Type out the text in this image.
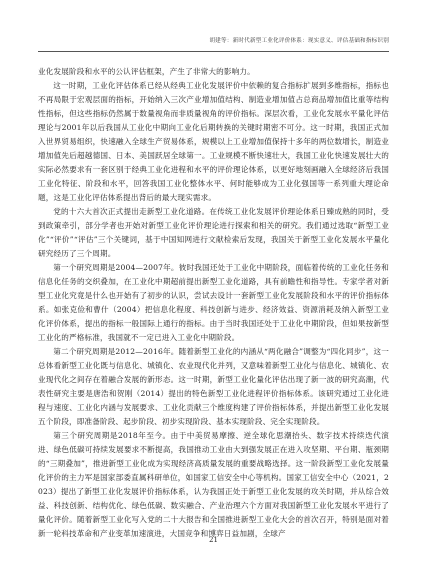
胡建等：新时代新型工业化评价体系：现实意义、评估基础和指标识别

业化发展阶段和水平的公认评估框架，产生了非常大的影响力。

这一时期，工业化评估体系已经从经典工业化发展评价中依赖的复合指标扩展到多维指标，指标也不再局限于宏观层面的指标，开始纳入三次产业增加值结构、制造业增加值占总商品增加值比重等结构性指标，但这些指标仍然属于数量视角而非质量视角的评价指标。深层次看，工业化发展水平量化评估理论与2001年以后我国从工业化中期向工业化后期转换的关键时期密不可分。这一时期，我国正式加入世界贸易组织，快速融入全球生产贸易体系，规模以上工业增加值保持十多年的两位数增长，制造业增加值先后超越德国、日本、美国跃居全球第一。工业规模不断快速壮大，我国工业化快速发展壮大的实际必然要求有一套区别于经典工业化进程和水平的评价理论体系，以更好地刻画融入全球经济后我国工业化特征、阶段和水平，回答我国工业化整体水平、何时能够成为工业化强国等一系列重大理论命题，这是工业化评估体系提出背后的最大现实需求。

党的十六大首次正式提出走新型工业化道路。在传统工业化发展评价理论体系日臻成熟的同时，受到政策牵引，部分学者也开始对新型工业化评价理论进行探索和相关的研究。我们通过选取“新型工业化”“评价”“评估”三个关键词，基于中国知网进行文献检索后发现，我国关于新型工业化发展水平量化研究经历了三个周期。

第一个研究周期是2004—2007年。彼时我国还处于工业化中期阶段，面临着传统的工业化任务和信息化任务的交织叠加，在工业化中期超前提出新型工业化道路，具有前瞻性和指导性。专家学者对新型工业化究竟是什么也开始有了初步的认识，尝试去设计一套新型工业化发展阶段和水平的评价指标体系。如张克俭和曹什（2004）把信息化程度、科技创新与进步、经济效益、资源消耗及纳入新型工业化评价体系，提出的指标一般国际上通行的指标。由于当时我国还处于工业化中期阶段，但如果按新型工业化的严格标准，我国就不一定已进入工业化中期阶段。

第二个研究周期是2012—2016年。随着新型工业化的内涵从“两化融合”调整为“四化同步”，这一总体看新型工业化既与信息化、城镇化、农业现代化并列，又意味着新型工业化与信息化、城镇化、农业现代化之间存在着融合发展的新形态。这一时期，新型工业化量化评估出现了新一波的研究高潮，代表性研究主要是唐浩和贺刚（2014）提出的特色新型工业化进程评价指标体系。该研究通过工业化进程与速度、工业化内涵与发展要求、工业化贡献三个维度构建了评价指标体系，并提出新型工业化发展五个阶段，即准备阶段、起步阶段、初步实现阶段、基本实现阶段、完全实现阶段。

第三个研究周期是2018年至今。由于中美贸易摩擦、逆全球化思潮抬头、数字技术持续迭代演进、绿色低碳可持续发展要求不断提高，我国推动工业由大到强发展正在进入攻坚期、平台期、瓶颈期的“三期叠加”，推进新型工业化成为实现经济高质量发展的重要战略选择。这一阶段新型工业化发展量化评价的主力军是国家部委直属科研单位，如国家工信安全中心等机构。国家工信安全中心（2021，2023）提出了新型工业化发展评价指标体系，认为我国正处于新型工业化发展的攻关时期，并从综合效益、科技创新、结构优化、绿色低碳、数实融合、产业治理六个方面对我国新型工业化发展水平进行了量化评价。随着新型工业化写入党的二十大报告和全国推进新型工业化大会的首次召开，特别是面对着新一轮科技革命和产业变革加速演进，大国竞争和博弈日益加剧，全球产

21
